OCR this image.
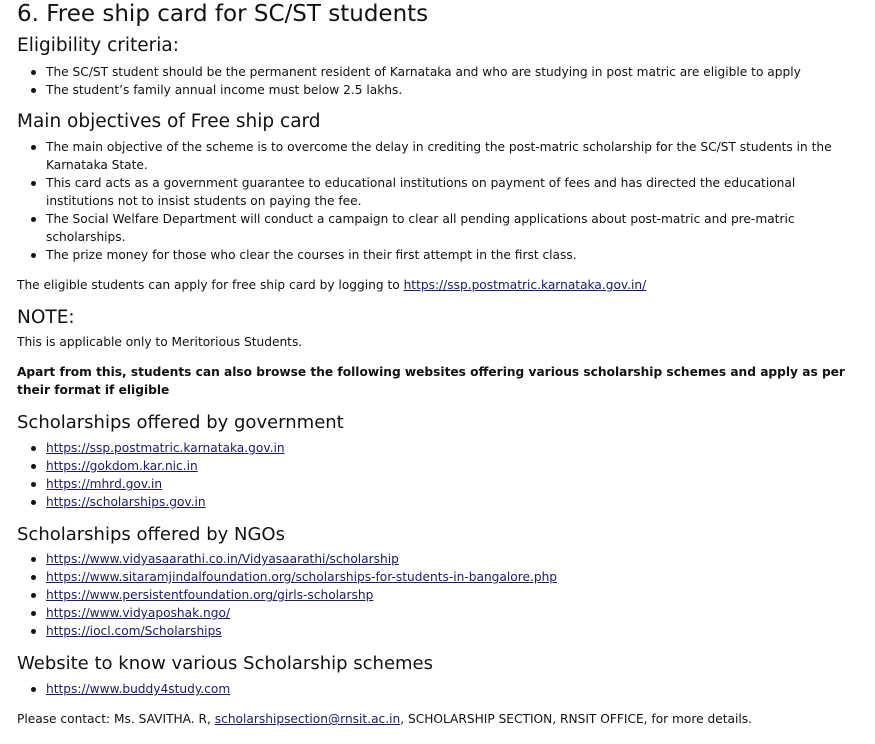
6. Free ship card for SC/ST students
Eligibility criteria:
The SC/ST student should be the permanent resident of Karnataka and who are studying in post matric are eligible to apply
The student’s family annual income must below 2.5 lakhs.
Main objectives of Free ship card
The main objective of the scheme is to overcome the delay in crediting the post-matric scholarship for the SC/ST students in the Karnataka State.
This card acts as a government guarantee to educational institutions on payment of fees and has directed the educational institutions not to insist students on paying the fee.
The Social Welfare Department will conduct a campaign to clear all pending applications about post-matric and pre-matric scholarships.
The prize money for those who clear the courses in their first attempt in the first class.
The eligible students can apply for free ship card by logging to https://ssp.postmatric.karnataka.gov.in/
NOTE:
This is applicable only to Meritorious Students.
Apart from this, students can also browse the following websites offering various scholarship schemes and apply as per their format if eligible
Scholarships offered by government
https://ssp.postmatric.karnataka.gov.in
https://gokdom.kar.nic.in
https://mhrd.gov.in
https://scholarships.gov.in
Scholarships offered by NGOs
https://www.vidyasaarathi.co.in/Vidyasaarathi/scholarship
https://www.sitaramjindalfoundation.org/scholarships-for-students-in-bangalore.php
https://www.persistentfoundation.org/girls-scholarshp
https://www.vidyaposhak.ngo/
https://iocl.com/Scholarships
Website to know various Scholarship schemes
https://www.buddy4study.com
Please contact: Ms. SAVITHA. R, scholarshipsection@rnsit.ac.in, SCHOLARSHIP SECTION, RNSIT OFFICE, for more details.
